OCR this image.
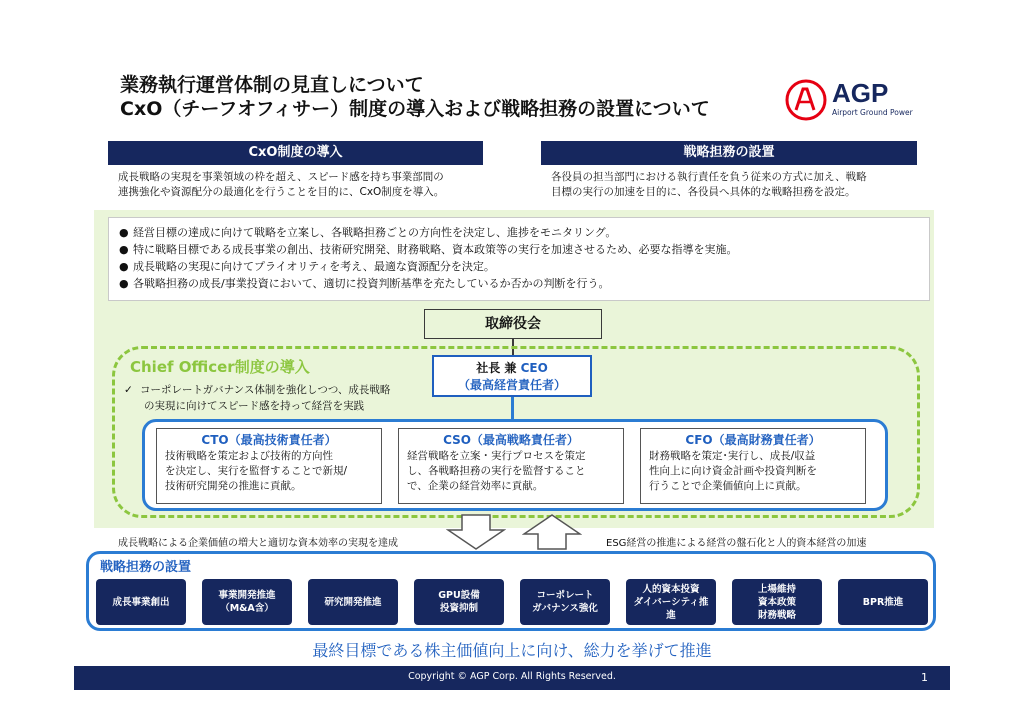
業務執行運営体制の見直しについて
CxO（チーフオフィサー）制度の導入および戦略担務の設置について
AGP
Airport Ground Power
CxO制度の導入
成長戦略の実現を事業領域の枠を超え、スピード感を持ち事業部間の
連携強化や資源配分の最適化を行うことを目的に、CxO制度を導入。
戦略担務の設置
各役員の担当部門における執行責任を負う従来の方式に加え、戦略
目標の実行の加速を目的に、各役員へ具体的な戦略担務を設定。
● 経営目標の達成に向けて戦略を立案し、各戦略担務ごとの方向性を決定し、進捗をモニタリング。
● 特に戦略目標である成長事業の創出、技術研究開発、財務戦略、資本政策等の実行を加速させるため、必要な指導を実施。
● 成長戦略の実現に向けてプライオリティを考え、最適な資源配分を決定。
● 各戦略担務の成長/事業投資において、適切に投資判断基準を充たしているか否かの判断を行う。
取締役会
Chief Officer制度の導入
✓ コーポレートガバナンス体制を強化しつつ、成長戦略
の実現に向けてスピード感を持って経営を実践
社長 兼 CEO
（最高経営責任者）
CTO（最高技術責任者）
技術戦略を策定および技術的方向性
を決定し、実行を監督することで新規/
技術研究開発の推進に貢献。
CSO（最高戦略責任者）
経営戦略を立案・実行プロセスを策定
し、各戦略担務の実行を監督すること
で、企業の経営効率に貢献。
CFO（最高財務責任者）
財務戦略を策定･実行し、成長/収益
性向上に向け資金計画や投資判断を
行うことで企業価値向上に貢献。
成長戦略による企業価値の増大と適切な資本効率の実現を達成	ESG経営の推進による経営の盤石化と人的資本経営の加速
戦略担務の設置
成長事業創出
事業開発推進
（M&A含）
研究開発推進
GPU設備
投資抑制
コーポレート
ガバナンス強化
人的資本投資
ダイバーシティ推
進
上場維持
資本政策
財務戦略
BPR推進
最終目標である株主価値向上に向け、総力を挙げて推進
Copyright © AGP Corp. All Rights Reserved.	1
